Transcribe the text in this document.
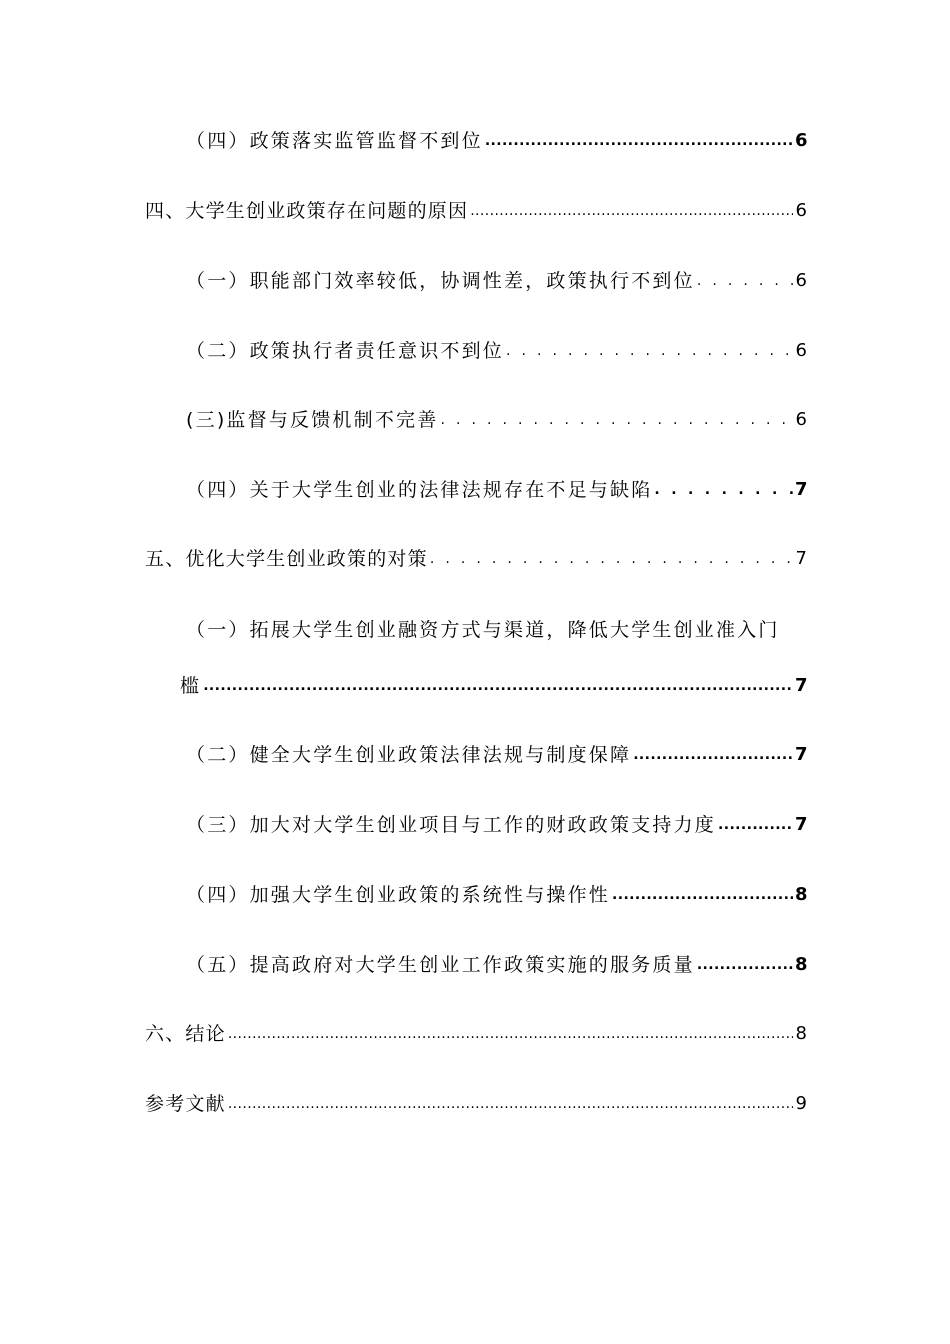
（四）政策落实监管监督不到位 .....	6
四、大学生创业政策存在问题的原因 .....	6
（一）职能部门效率较低，协调性差，政策执行不到位 . . .	6
（二）政策执行者责任意识不到位 . . .	6
(三)监督与反馈机制不完善 . . .	6
（四）关于大学生创业的法律法规存在不足与缺陷 . . .	7
五、优化大学生创业政策的对策 . . .	7
（一）拓展大学生创业融资方式与渠道，降低大学生创业准入门
槛 .....	7
（二）健全大学生创业政策法律法规与制度保障 .....	7
（三）加大对大学生创业项目与工作的财政政策支持力度 .....	7
（四）加强大学生创业政策的系统性与操作性 .....	8
（五）提高政府对大学生创业工作政策实施的服务质量 .....	8
六、结论 .....	8
参考文献 .....	9
